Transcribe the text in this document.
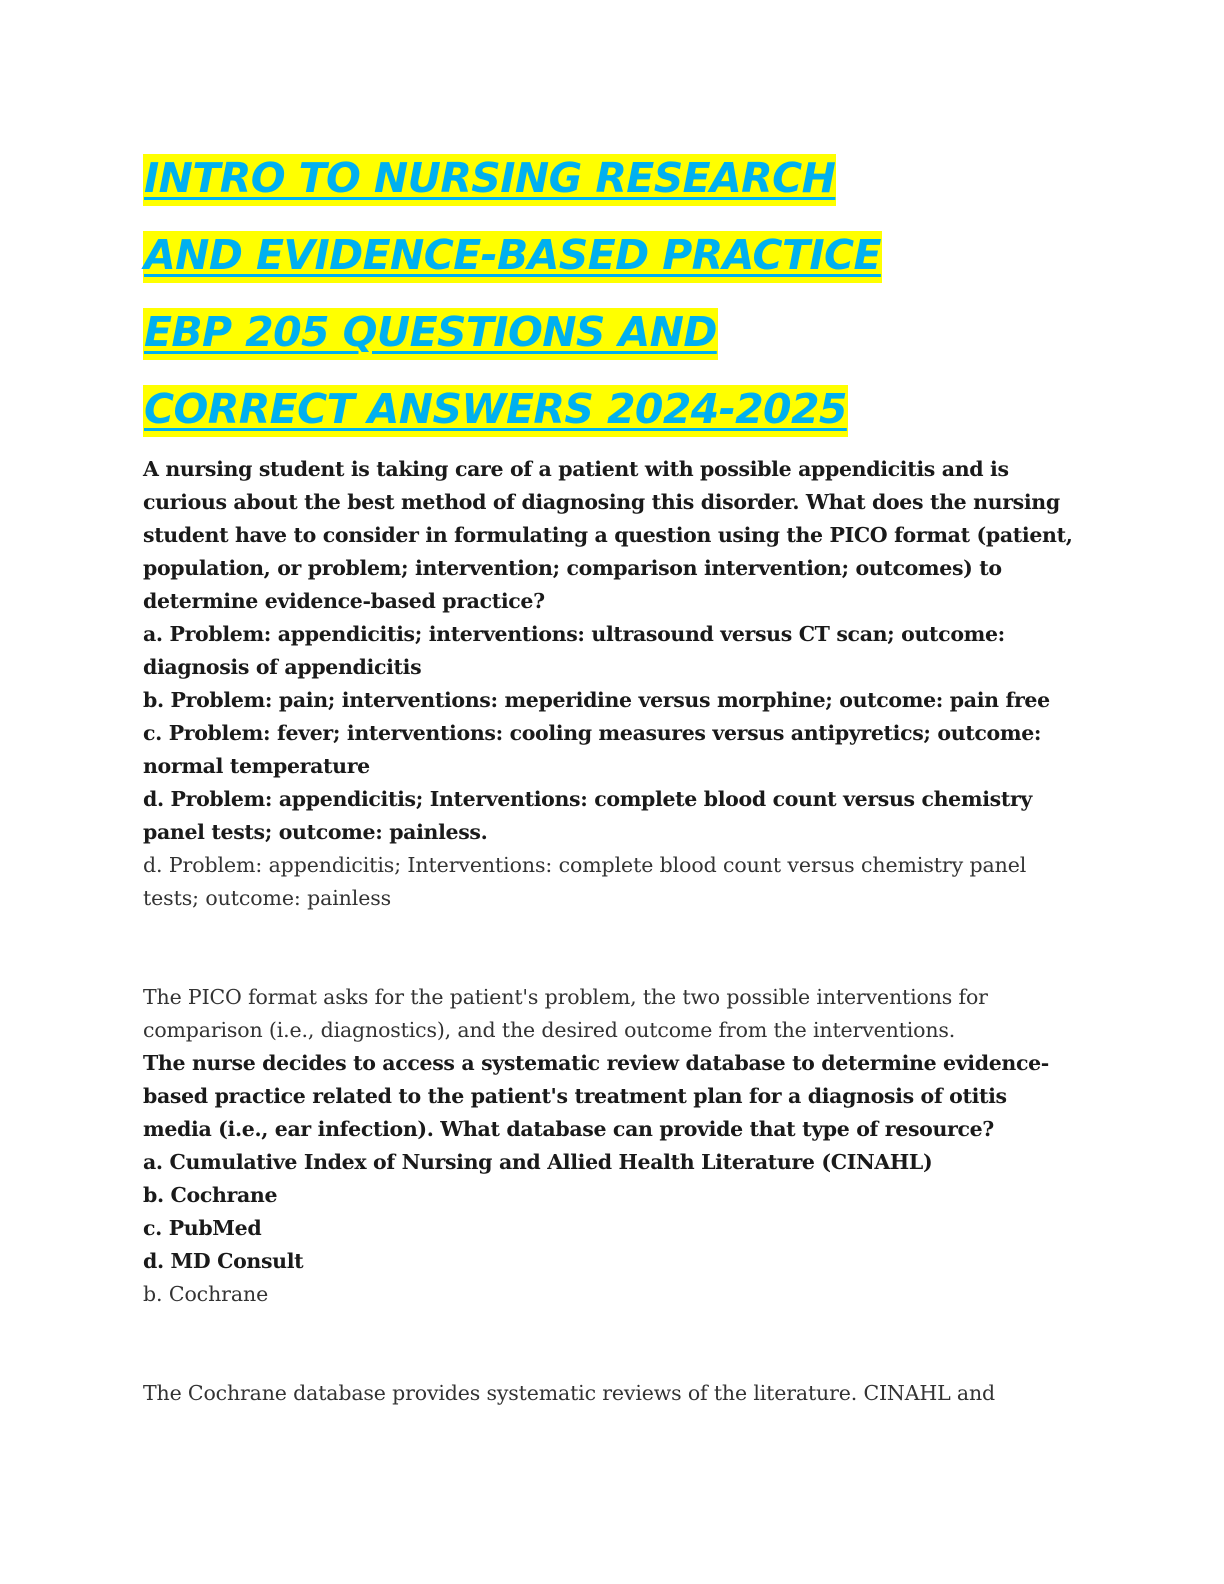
INTRO TO NURSING RESEARCH

AND EVIDENCE-BASED PRACTICE

EBP 205 QUESTIONS AND

CORRECT ANSWERS 2024-2025

A nursing student is taking care of a patient with possible appendicitis and is curious about the best method of diagnosing this disorder. What does the nursing student have to consider in formulating a question using the PICO format (patient, population, or problem; intervention; comparison intervention; outcomes) to determine evidence-based practice?

a. Problem: appendicitis; interventions: ultrasound versus CT scan; outcome: diagnosis of appendicitis

b. Problem: pain; interventions: meperidine versus morphine; outcome: pain free

c. Problem: fever; interventions: cooling measures versus antipyretics; outcome: normal temperature

d. Problem: appendicitis; Interventions: complete blood count versus chemistry panel tests; outcome: painless.

d. Problem: appendicitis; Interventions: complete blood count versus chemistry panel tests; outcome: painless

The PICO format asks for the patient's problem, the two possible interventions for comparison (i.e., diagnostics), and the desired outcome from the interventions.

The nurse decides to access a systematic review database to determine evidence-based practice related to the patient's treatment plan for a diagnosis of otitis media (i.e., ear infection). What database can provide that type of resource?

a. Cumulative Index of Nursing and Allied Health Literature (CINAHL)

b. Cochrane

c. PubMed

d. MD Consult

b. Cochrane

The Cochrane database provides systematic reviews of the literature. CINAHL and
